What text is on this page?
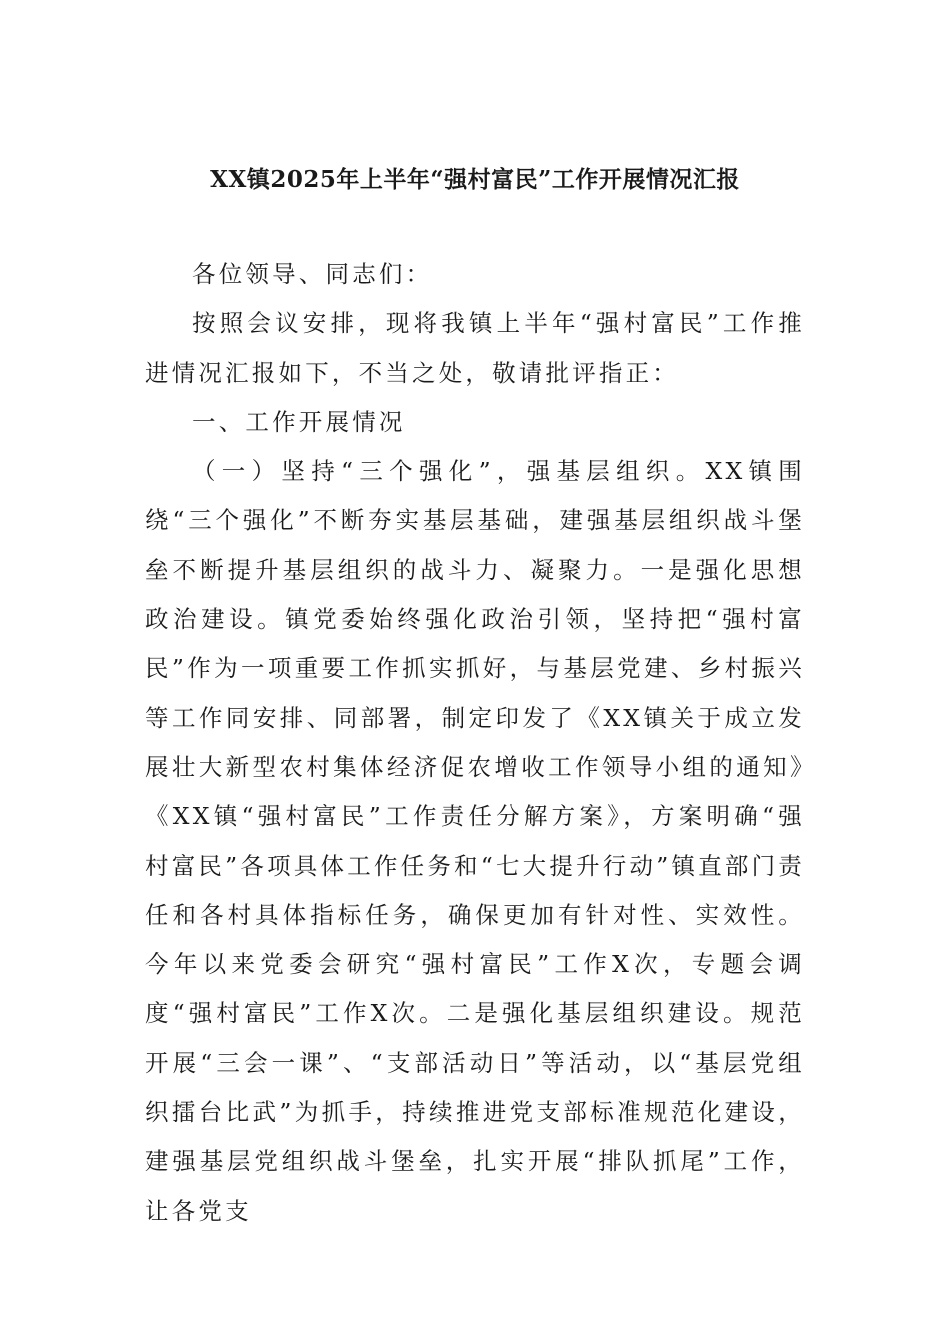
XX镇2025年上半年“强村富民”工作开展情况汇报

各位领导、同志们：

按照会议安排，现将我镇上半年“强村富民”工作推进情况汇报如下，不当之处，敬请批评指正：

一、工作开展情况

（一）坚持“三个强化”，强基层组织。XX镇围绕“三个强化”不断夯实基层基础，建强基层组织战斗堡垒不断提升基层组织的战斗力、凝聚力。一是强化思想政治建设。镇党委始终强化政治引领，坚持把“强村富民”作为一项重要工作抓实抓好，与基层党建、乡村振兴等工作同安排、同部署，制定印发了《XX镇关于成立发展壮大新型农村集体经济促农增收工作领导小组的通知》《XX镇“强村富民”工作责任分解方案》，方案明确“强村富民”各项具体工作任务和“七大提升行动”镇直部门责任和各村具体指标任务，确保更加有针对性、实效性。今年以来党委会研究“强村富民”工作X次，专题会调度“强村富民”工作X次。二是强化基层组织建设。规范开展“三会一课”、“支部活动日”等活动，以“基层党组织擂台比武”为抓手，持续推进党支部标准规范化建设，建强基层党组织战斗堡垒，扎实开展“排队抓尾”工作，让各党支
